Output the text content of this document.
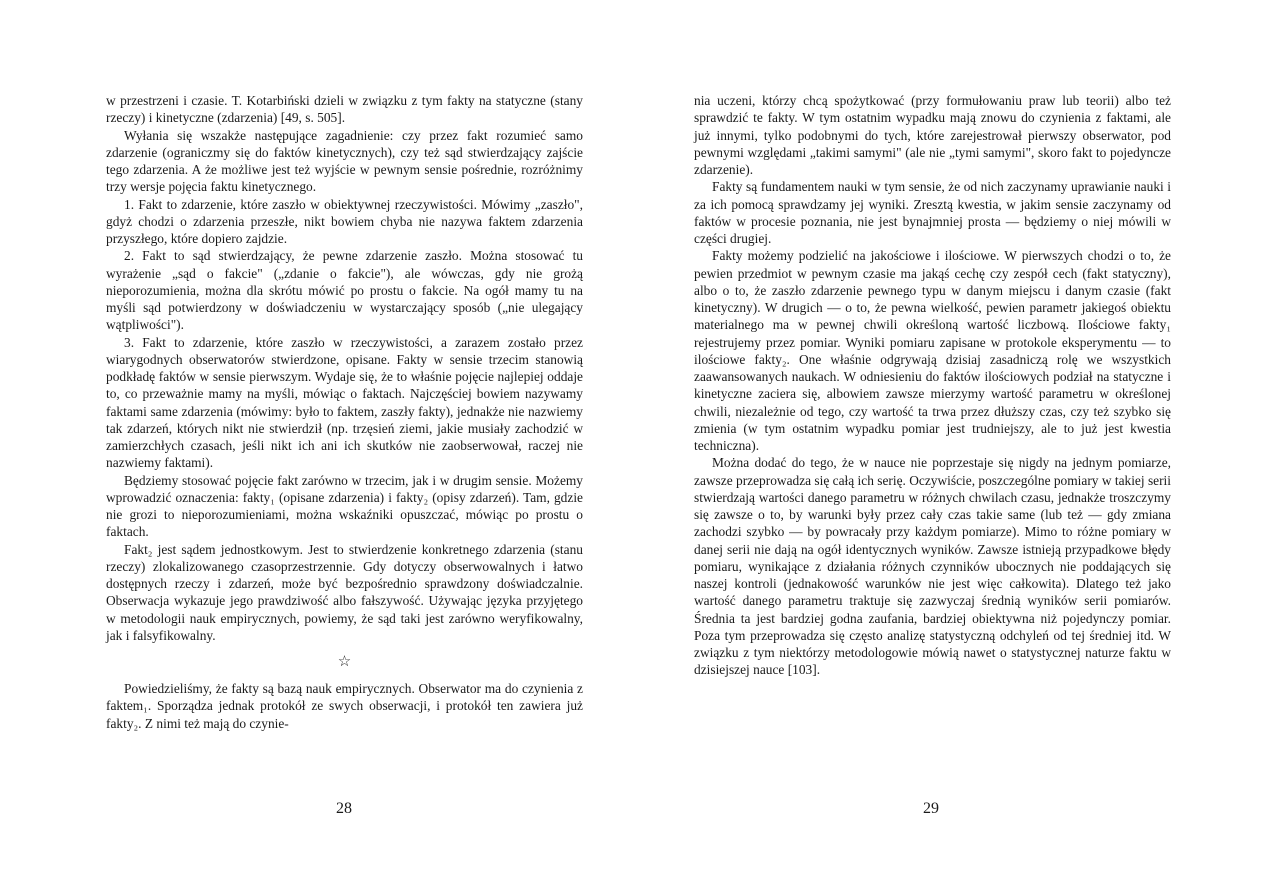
w przestrzeni i czasie. T. Kotarbiński dzieli w związku z tym fakty na statyczne (stany rzeczy) i kinetyczne (zdarzenia) [49, s. 505].

Wyłania się wszakże następujące zagadnienie: czy przez fakt rozumieć samo zdarzenie (ograniczmy się do faktów kinetycznych), czy też sąd stwierdzający zajście tego zdarzenia. A że możliwe jest też wyjście w pewnym sensie pośrednie, rozróżnimy trzy wersje pojęcia faktu kinetycznego.

1. Fakt to zdarzenie, które zaszło w obiektywnej rzeczywistości. Mówimy „zaszło", gdyż chodzi o zdarzenia przeszłe, nikt bowiem chyba nie nazywa faktem zdarzenia przyszłego, które dopiero zajdzie.

2. Fakt to sąd stwierdzający, że pewne zdarzenie zaszło. Można stosować tu wyrażenie „sąd o fakcie" („zdanie o fakcie"), ale wówczas, gdy nie grożą nieporozumienia, można dla skrótu mówić po prostu o fakcie. Na ogół mamy tu na myśli sąd potwierdzony w doświadczeniu w wystarczający sposób („nie ulegający wątpliwości").

3. Fakt to zdarzenie, które zaszło w rzeczywistości, a zarazem zostało przez wiarygodnych obserwatorów stwierdzone, opisane. Fakty w sensie trzecim stanowią podkładę faktów w sensie pierwszym. Wydaje się, że to właśnie pojęcie najlepiej oddaje to, co przeważnie mamy na myśli, mówiąc o faktach. Najczęściej bowiem nazywamy faktami same zdarzenia (mówimy: było to faktem, zaszły fakty), jednakże nie nazwiemy tak zdarzeń, których nikt nie stwierdził (np. trzęsień ziemi, jakie musiały zachodzić w zamierzchłych czasach, jeśli nikt ich ani ich skutków nie zaobserwował, raczej nie nazwiemy faktami).

Będziemy stosować pojęcie fakt zarówno w trzecim, jak i w drugim sensie. Możemy wprowadzić oznaczenia: fakty₁ (opisane zdarzenia) i fakty₂ (opisy zdarzeń). Tam, gdzie nie grozi to nieporozumieniami, można wskaźniki opuszczać, mówiąc po prostu o faktach.

Fakt₂ jest sądem jednostkowym. Jest to stwierdzenie konkretnego zdarzenia (stanu rzeczy) zlokalizowanego czasoprzestrzennie. Gdy dotyczy obserwowalnych i łatwo dostępnych rzeczy i zdarzeń, może być bezpośrednio sprawdzony doświadczalnie. Obserwacja wykazuje jego prawdziwość albo fałszywość. Używając języka przyjętego w metodologii nauk empirycznych, powiemy, że sąd taki jest zarówno weryfikowalny, jak i falsyfikowalny.

☆

Powiedzieliśmy, że fakty są bazą nauk empirycznych. Obserwator ma do czynienia z faktem₁. Sporządza jednak protokół ze swych obserwacji, i protokół ten zawiera już fakty₂. Z nimi też mają do czynie-

28

nia uczeni, którzy chcą spożytkować (przy formułowaniu praw lub teorii) albo też sprawdzić te fakty. W tym ostatnim wypadku mają znowu do czynienia z faktami, ale już innymi, tylko podobnymi do tych, które zarejestrował pierwszy obserwator, pod pewnymi względami „takimi samymi" (ale nie „tymi samymi", skoro fakt to pojedyncze zdarzenie).

Fakty są fundamentem nauki w tym sensie, że od nich zaczynamy uprawianie nauki i za ich pomocą sprawdzamy jej wyniki. Zresztą kwestia, w jakim sensie zaczynamy od faktów w procesie poznania, nie jest bynajmniej prosta — będziemy o niej mówili w części drugiej.

Fakty możemy podzielić na jakościowe i ilościowe. W pierwszych chodzi o to, że pewien przedmiot w pewnym czasie ma jakąś cechę czy zespół cech (fakt statyczny), albo o to, że zaszło zdarzenie pewnego typu w danym miejscu i danym czasie (fakt kinetyczny). W drugich — o to, że pewna wielkość, pewien parametr jakiegoś obiektu materialnego ma w pewnej chwili określoną wartość liczbową. Ilościowe fakty₁ rejestrujemy przez pomiar. Wyniki pomiaru zapisane w protokole eksperymentu — to ilościowe fakty₂. One właśnie odgrywają dzisiaj zasadniczą rolę we wszystkich zaawansowanych naukach. W odniesieniu do faktów ilościowych podział na statyczne i kinetyczne zaciera się, albowiem zawsze mierzymy wartość parametru w określonej chwili, niezależnie od tego, czy wartość ta trwa przez dłuższy czas, czy też szybko się zmienia (w tym ostatnim wypadku pomiar jest trudniejszy, ale to już jest kwestia techniczna).

Można dodać do tego, że w nauce nie poprzestaje się nigdy na jednym pomiarze, zawsze przeprowadza się całą ich serię. Oczywiście, poszczególne pomiary w takiej serii stwierdzają wartości danego parametru w różnych chwilach czasu, jednakże troszczymy się zawsze o to, by warunki były przez cały czas takie same (lub też — gdy zmiana zachodzi szybko — by powracały przy każdym pomiarze). Mimo to różne pomiary w danej serii nie dają na ogół identycznych wyników. Zawsze istnieją przypadkowe błędy pomiaru, wynikające z działania różnych czynników ubocznych nie poddających się naszej kontroli (jednakowość warunków nie jest więc całkowita). Dlatego też jako wartość danego parametru traktuje się zazwyczaj średnią wyników serii pomiarów. Średnia ta jest bardziej godna zaufania, bardziej obiektywna niż pojedynczy pomiar. Poza tym przeprowadza się często analizę statystyczną odchyleń od tej średniej itd. W związku z tym niektórzy metodologowie mówią nawet o statystycznej naturze faktu w dzisiejszej nauce [103].

29
